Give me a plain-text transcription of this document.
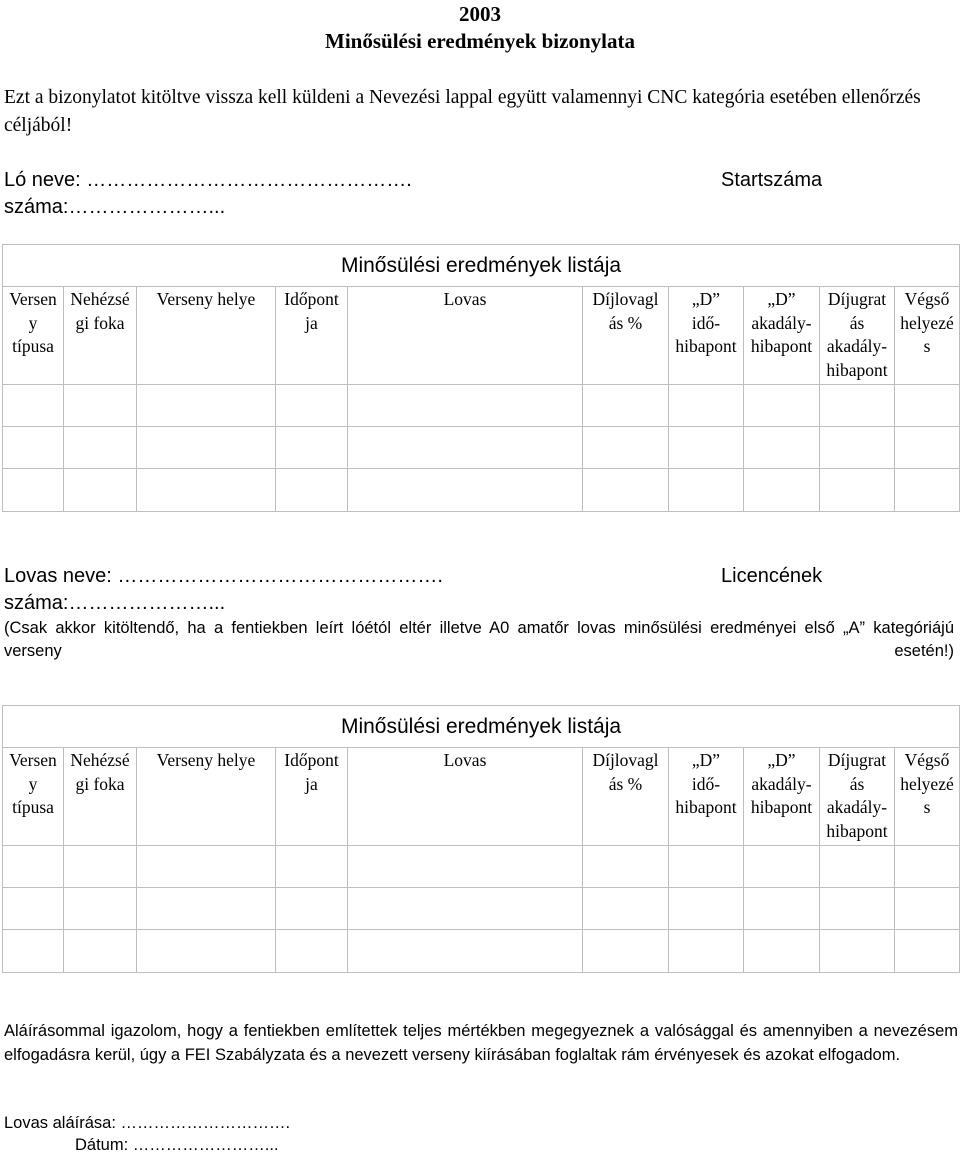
2003
Minősülési eredmények bizonylata
Ezt a bizonylatot kitöltve vissza kell küldeni a Nevezési lappal együtt valamennyi CNC kategória esetében ellenőrzés céljából!
Ló neve: ………………………………………….	Startszáma
száma:…………………...
Minősülési eredmények listája									
Versen
y
típusa	Nehézsé
gi foka	Verseny helye	Időpont
ja	Lovas	Díjlovagl
ás %	„D”
idő-
hibapont	„D”
akadály-
hibapont	Díjugrat
ás
akadály-
hibapont	Végső
helyezé
s

Lovas neve: ………………………………………….	Licencének
száma:…………………...
(Csak akkor kitöltendő, ha a fentiekben leírt lóétól eltér illetve A0 amatőr lovas minősülési eredményei első „A” kategóriájú verseny esetén!)
Minősülési eredmények listája									
Versen
y
típusa	Nehézsé
gi foka	Verseny helye	Időpont
ja	Lovas	Díjlovagl
ás %	„D”
idő-
hibapont	„D”
akadály-
hibapont	Díjugrat
ás
akadály-
hibapont	Végső
helyezé
s

Aláírásommal igazolom, hogy a fentiekben említettek teljes mértékben megegyeznek a valósággal és amennyiben a nevezésem elfogadásra kerül, úgy a FEI Szabályzata és a nevezett verseny kiírásában foglaltak rám érvényesek és azokat elfogadom.
Lovas aláírása: ………………………….
Dátum: ……………………...
